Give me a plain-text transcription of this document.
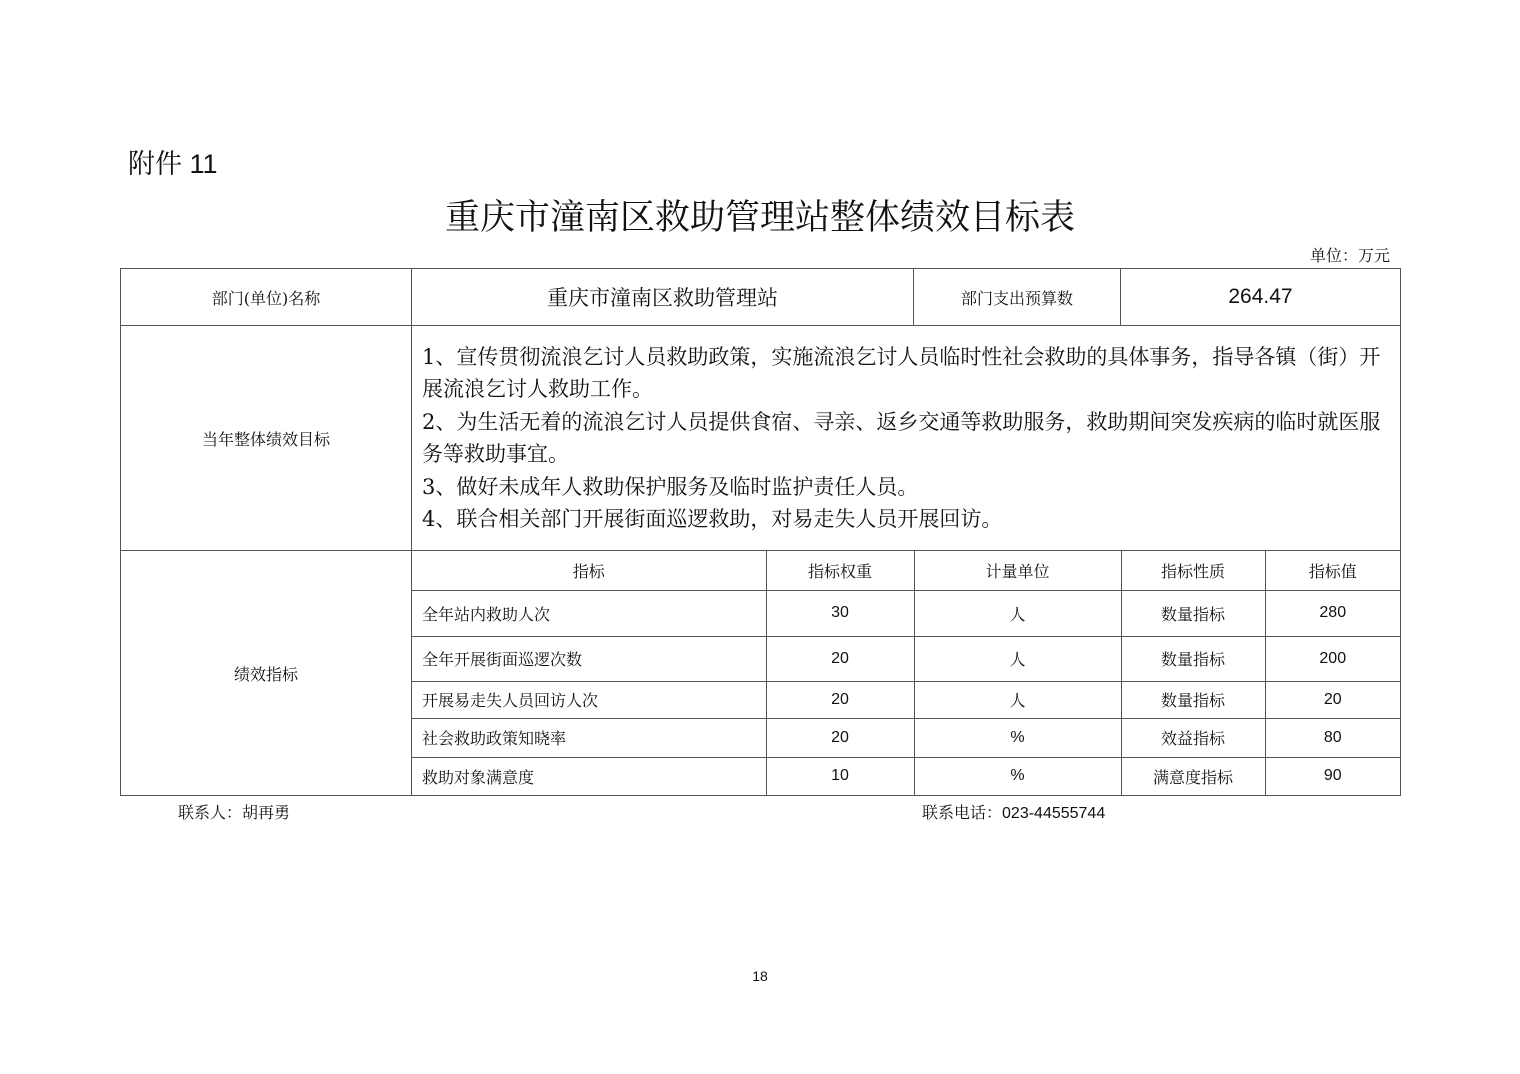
附件 11
重庆市潼南区救助管理站整体绩效目标表
单位：万元
部门(单位)名称	重庆市潼南区救助管理站	部门支出预算数	264.47
当年整体绩效目标	
1、宣传贯彻流浪乞讨人员救助政策，实施流浪乞讨人员临时性社会救助的具体事务，指导各镇（街）开展流浪乞讨人救助工作。
2、为生活无着的流浪乞讨人员提供食宿、寻亲、返乡交通等救助服务，救助期间突发疾病的临时就医服务等救助事宜。
3、做好未成年人救助保护服务及临时监护责任人员。
4、联合相关部门开展街面巡逻救助，对易走失人员开展回访。

绩效指标	
指标	指标权重	计量单位	指标性质	指标值
全年站内救助人次	30	人	数量指标	280
全年开展街面巡逻次数	20	人	数量指标	200
开展易走失人员回访人次	20	人	数量指标	20
社会救助政策知晓率	20	%	效益指标	80
救助对象满意度	10	%	满意度指标	90
联系人：胡再勇	联系电话：023-44555744
18
